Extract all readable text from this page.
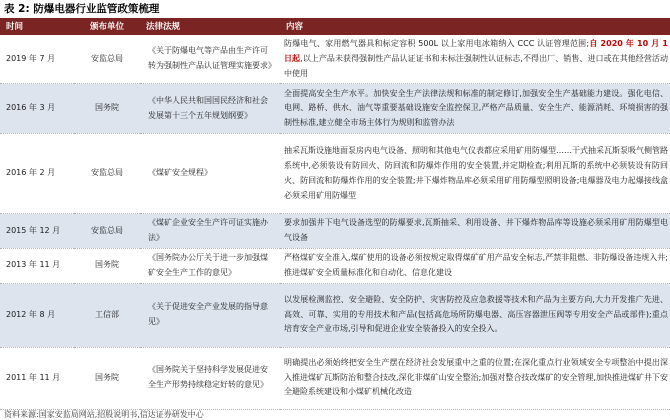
表 2: 防爆电器行业监管政策梳理
时间	颁布单位	法律法规	内容
2019 年 7 月	安监总局	《关于防爆电气等产品由生产许可转为强制性产品认证管理实施要求》	防爆电气、家用燃气器具和标定容积 500L 以上家用电冰箱纳入 CCC 认证管理范围;自 2020 年 10 月 1 日起,以上产品未获得强制性产品认证证书和未标注强制性认证标志,不得出厂、销售、进口或在其他经营活动中使用
2016 年 3 月	国务院	《中华人民共和国国民经济和社会发展第十三个五年规划纲要》	全面提高安全生产水平。加快安全生产法律法规和标准的制定修订,加强安全生产基础能力建设。强化电信、电网、路桥、供水、油气等重要基础设施安全监控保卫,严格产品质量、安全生产、能源消耗、环境损害的强制性标准,建立健全市场主体行为规则和监管办法
2016 年 2 月	安监总局	《煤矿安全规程》	抽采瓦斯设施地面泵房内电气设备、照明和其他电气仪表都应采用矿用防爆型……干式抽采瓦斯泵吸气侧管路系统中,必须装设有防回火、防回流和防爆炸作用的安全装置,并定期检查;利用瓦斯的系统中必须装设有防回火、防回流和防爆炸作用的安全装置;井下爆炸物品库必须采用矿用防爆型照明设备;电爆器及电力起爆接线盒必须采用矿用防爆型
2015 年 12 月	安监总局	《煤矿企业安全生产许可证实施办法》	要求加强井下电气设备选型的防爆要求,瓦斯抽采、利用设备、井下爆炸物品库等设施必须采用矿用防爆型电气设备
2013 年 11 月	国务院	《国务院办公厅关于进一步加强煤矿安全生产工作的意见》	严格煤矿安全准入,煤矿使用的设备必须按规定取得煤矿矿用产品安全标志,严禁非阻燃、非防爆设备违规入井;推进煤矿安全质量标准化和自动化、信息化建设
2012 年 8 月	工信部	《关于促进安全产业发展的指导意见》	以发展检测监控、安全避险、安全防护、灾害防控及应急救援等技术和产品为主要方向,大力开发推广先进、高效、可靠、实用的专用技术和产品(包括高危场所防爆电器、高压容器泄压阀等专用安全产品或部件);重点培育安全产业市场,引导和促进企业安全装备投入的安全投入。
2011 年 11 月	国务院	《国务院关于坚持科学发展促进安全生产形势持续稳定好转的意见》	明确提出必须始终把安全生产摆在经济社会发展重中之重的位置;在深化重点行业领域安全专项整治中提出深入推进煤矿瓦斯防治和整合技改,深化非煤矿山安全整治;加强对整合技改煤矿的安全管理,加快推进煤矿井下安全避险系统建设和小煤矿机械化改造
资料来源:国家安监局网站,招股说明书,信达证券研发中心
